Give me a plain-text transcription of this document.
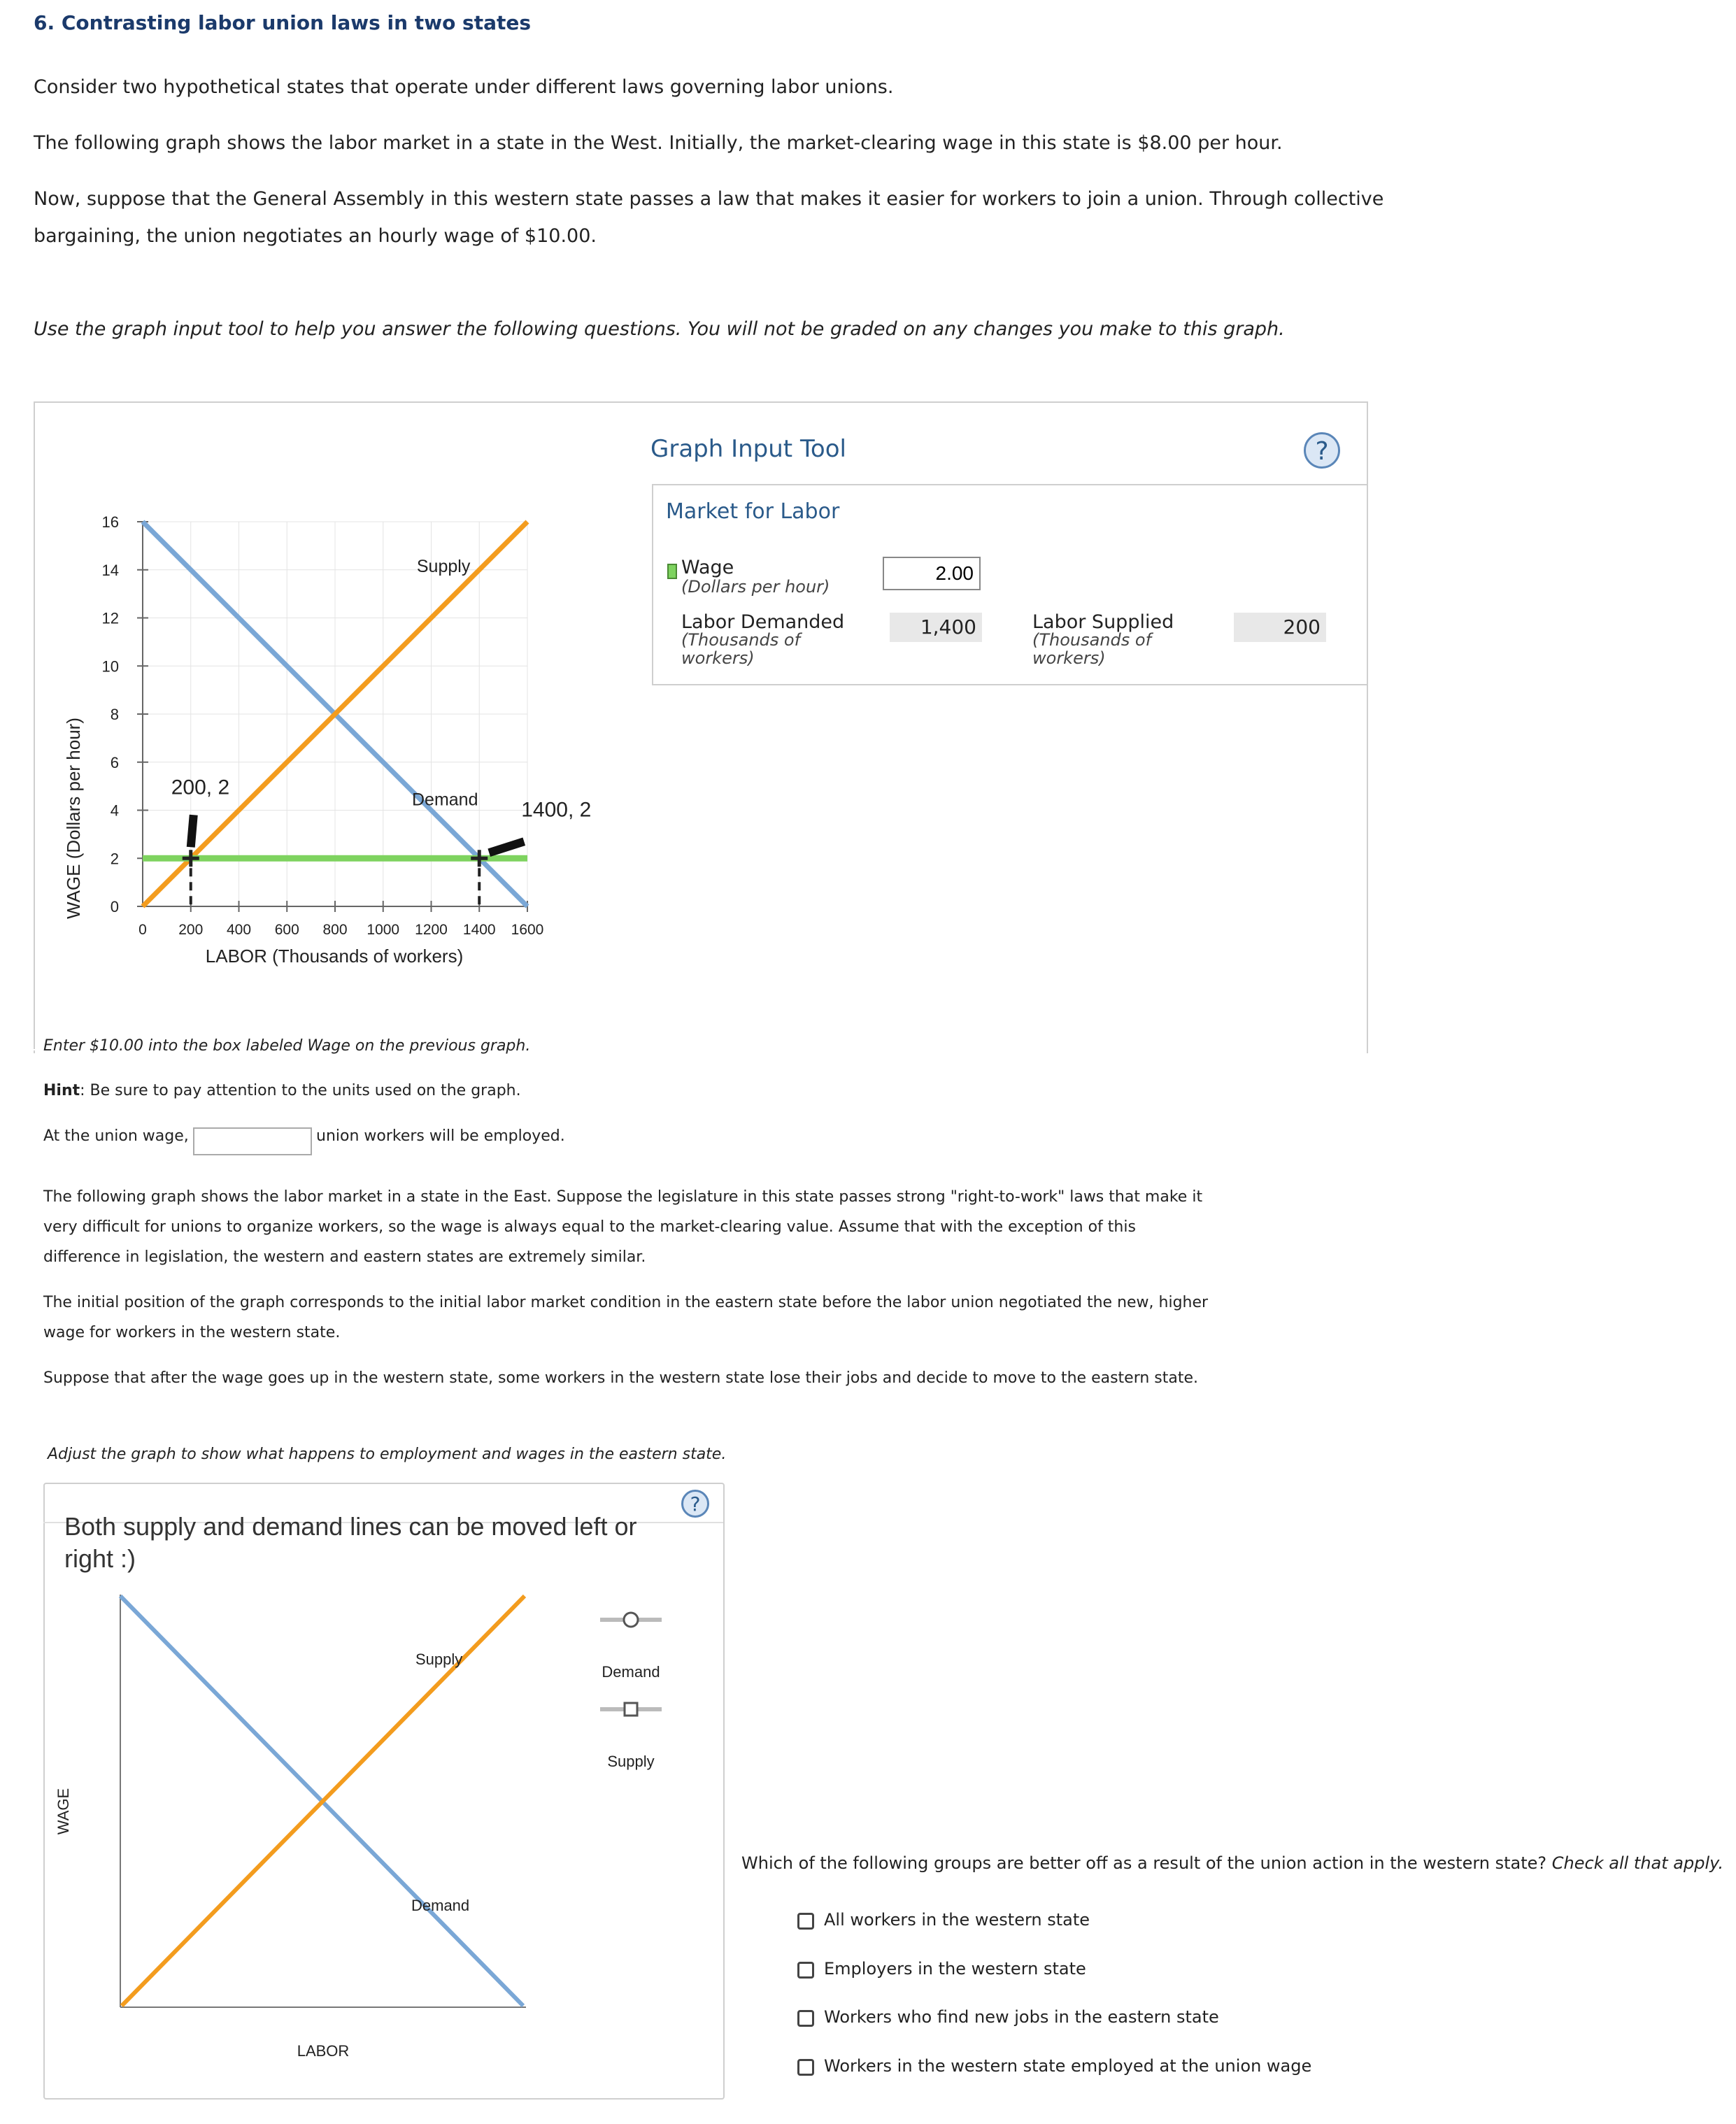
6. Contrasting labor union laws in two states
Consider two hypothetical states that operate under different laws governing labor unions.
The following graph shows the labor market in a state in the West. Initially, the market-clearing wage in this state is $8.00 per hour.
Now, suppose that the General Assembly in this western state passes a law that makes it easier for workers to join a union. Through collective
bargaining, the union negotiates an hourly wage of $10.00.
Use the graph input tool to help you answer the following questions. You will not be graded on any changes you make to this graph.
0
2
4
6
8
10
12
14
16
0 200 400 600 800 1000 1200 1400 1600
Supply
Demand
200, 2
1400, 2
WAGE (Dollars per hour)
LABOR (Thousands of workers)
Graph Input Tool	?
Market for Labor
Wage
(Dollars per hour)
2.00
Labor Demanded
(Thousands of workers)
1,400	Labor Supplied
(Thousands of workers)
200
Enter $10.00 into the box labeled Wage on the previous graph.
Hint: Be sure to pay attention to the units used on the graph.
At the union wage,	union workers will be employed.
The following graph shows the labor market in a state in the East. Suppose the legislature in this state passes strong "right-to-work" laws that make it
very difficult for unions to organize workers, so the wage is always equal to the market-clearing value. Assume that with the exception of this
difference in legislation, the western and eastern states are extremely similar.
The initial position of the graph corresponds to the initial labor market condition in the eastern state before the labor union negotiated the new, higher
wage for workers in the western state.
Suppose that after the wage goes up in the western state, some workers in the western state lose their jobs and decide to move to the eastern state.
Adjust the graph to show what happens to employment and wages in the eastern state.
Both supply and demand lines can be moved left or
right :)
?
Supply
Demand
WAGE
LABOR
Demand
Supply
Which of the following groups are better off as a result of the union action in the western state? Check all that apply.
All workers in the western state
Employers in the western state
Workers who find new jobs in the eastern state
Workers in the western state employed at the union wage
